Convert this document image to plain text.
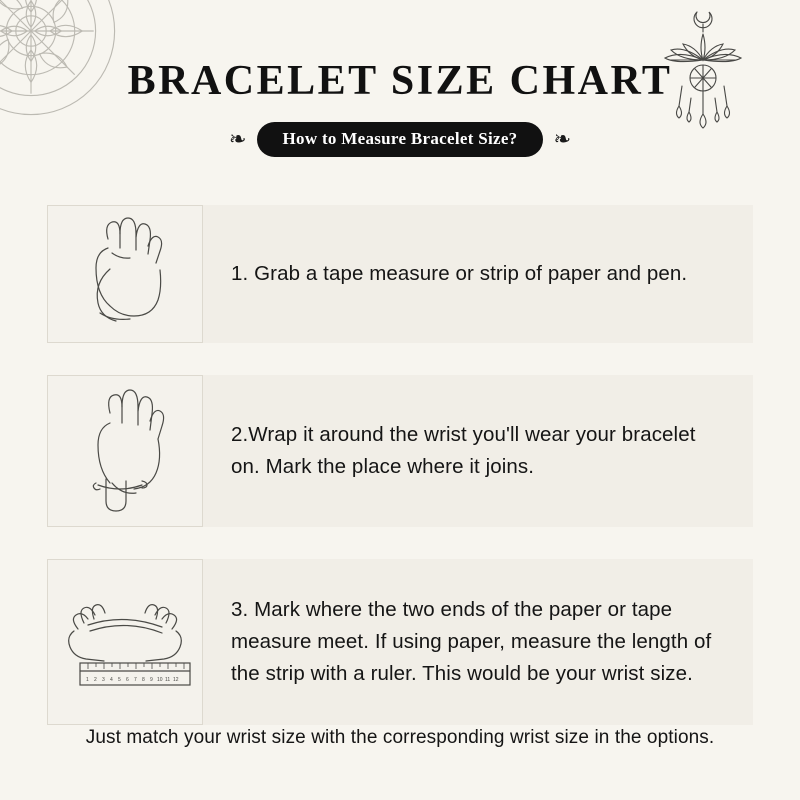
BRACELET SIZE CHART
❧	How to Measure Bracelet Size?	❧
1. Grab a tape measure or strip of paper and pen.
2.Wrap it around the wrist you'll wear your bracelet on. Mark the place where it joins.
1 2 3 4 5 6 7 8 9 10 11 12
3. Mark where the two ends of the paper or tape measure meet. If using paper, measure the length of the strip with a ruler. This would be your wrist size.
Just match your wrist size with the corresponding wrist size in the options.
